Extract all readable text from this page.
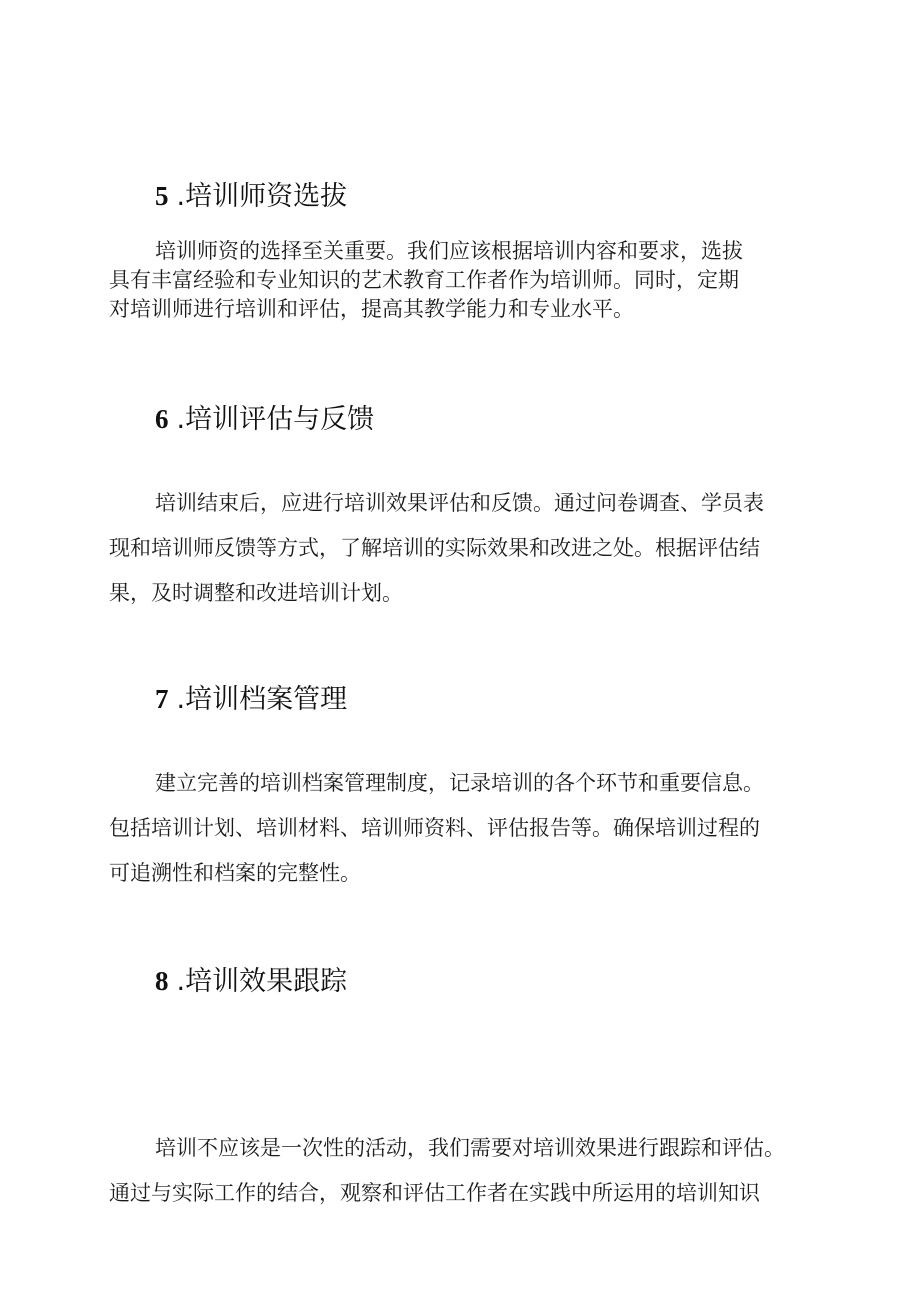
5 .培训师资选拔

培训师资的选择至关重要。我们应该根据培训内容和要求，选拔
具有丰富经验和专业知识的艺术教育工作者作为培训师。同时，定期
对培训师进行培训和评估，提高其教学能力和专业水平。

6 .培训评估与反馈

培训结束后，应进行培训效果评估和反馈。通过问卷调查、学员表
现和培训师反馈等方式，了解培训的实际效果和改进之处。根据评估结
果，及时调整和改进培训计划。

7 .培训档案管理

建立完善的培训档案管理制度，记录培训的各个环节和重要信息。
包括培训计划、培训材料、培训师资料、评估报告等。确保培训过程的
可追溯性和档案的完整性。

8 .培训效果跟踪

培训不应该是一次性的活动，我们需要对培训效果进行跟踪和评估。
通过与实际工作的结合，观察和评估工作者在实践中所运用的培训知识
